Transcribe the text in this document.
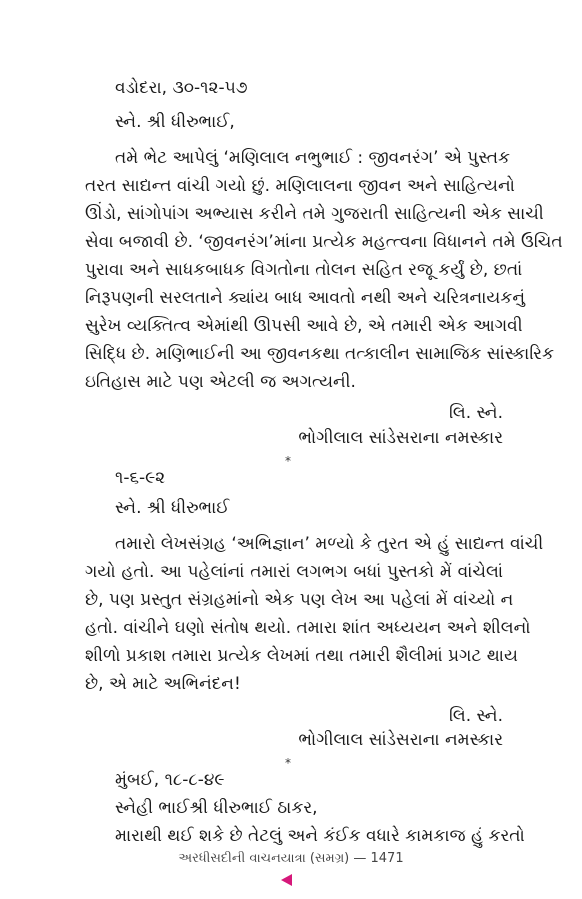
વડોદરા, ૩૦-૧૨-૫૭
સ્ને. શ્રી ધીરુભાઈ,
તમે ભેટ આપેલું ‘મણિલાલ નભુભાઈ : જીવનરંગ’ એ પુસ્તક
તરત સાદ્યન્ત વાંચી ગયો છું. મણિલાલના જીવન અને સાહિત્યનો
ઊંડો, સાંગોપાંગ અભ્યાસ કરીને તમે ગુજરાતી સાહિત્યની એક સાચી
સેવા બજાવી છે. ‘જીવનરંગ’માંના પ્રત્યેક મહત્ત્વના વિધાનને તમે ઉચિત
પુરાવા અને સાધકબાધક વિગતોના તોલન સહિત રજૂ કર્યું છે, છતાં
નિરૂપણની સરલતાને ક્યાંય બાધ આવતો નથી અને ચરિત્રનાયકનું
સુરેખ વ્યક્તિત્વ એમાંથી ઊપસી આવે છે, એ તમારી એક આગવી
સિદ્ધિ છે. મણિભાઈની આ જીવનકથા તત્કાલીન સામાજિક સાંસ્કારિક
ઇતિહાસ માટે પણ એટલી જ અગત્યની.
લિ. સ્ને.
ભોગીલાલ સાંડેસરાના નમસ્કાર
*
૧-૬-૯૨
સ્ને. શ્રી ધીરુભાઈ
તમારો લેખસંગ્રહ ‘અભિજ્ઞાન’ મળ્યો કે તુરત એ હું સાદ્યન્ત વાંચી
ગયો હતો. આ પહેલાંનાં તમારાં લગભગ બધાં પુસ્તકો મેં વાંચેલાં
છે, પણ પ્રસ્તુત સંગ્રહમાંનો એક પણ લેખ આ પહેલાં મેં વાંચ્યો ન
હતો. વાંચીને ઘણો સંતોષ થયો. તમારા શાંત અધ્યયન અને શીલનો
શીળો પ્રકાશ તમારા પ્રત્યેક લેખમાં તથા તમારી શૈલીમાં પ્રગટ થાય
છે, એ માટે અભિનંદન!
લિ. સ્ને.
ભોગીલાલ સાંડેસરાના નમસ્કાર
*
મુંબઈ, ૧૮-૮-૪૯
સ્નેહી ભાઈશ્રી ધીરુભાઈ ઠાકર,
મારાથી થઈ શકે છે તેટલું અને કંઈક વધારે કામકાજ હું કરતો
અરધીસદીની વાચનયાત્રા (સમગ્ર) — 1471
